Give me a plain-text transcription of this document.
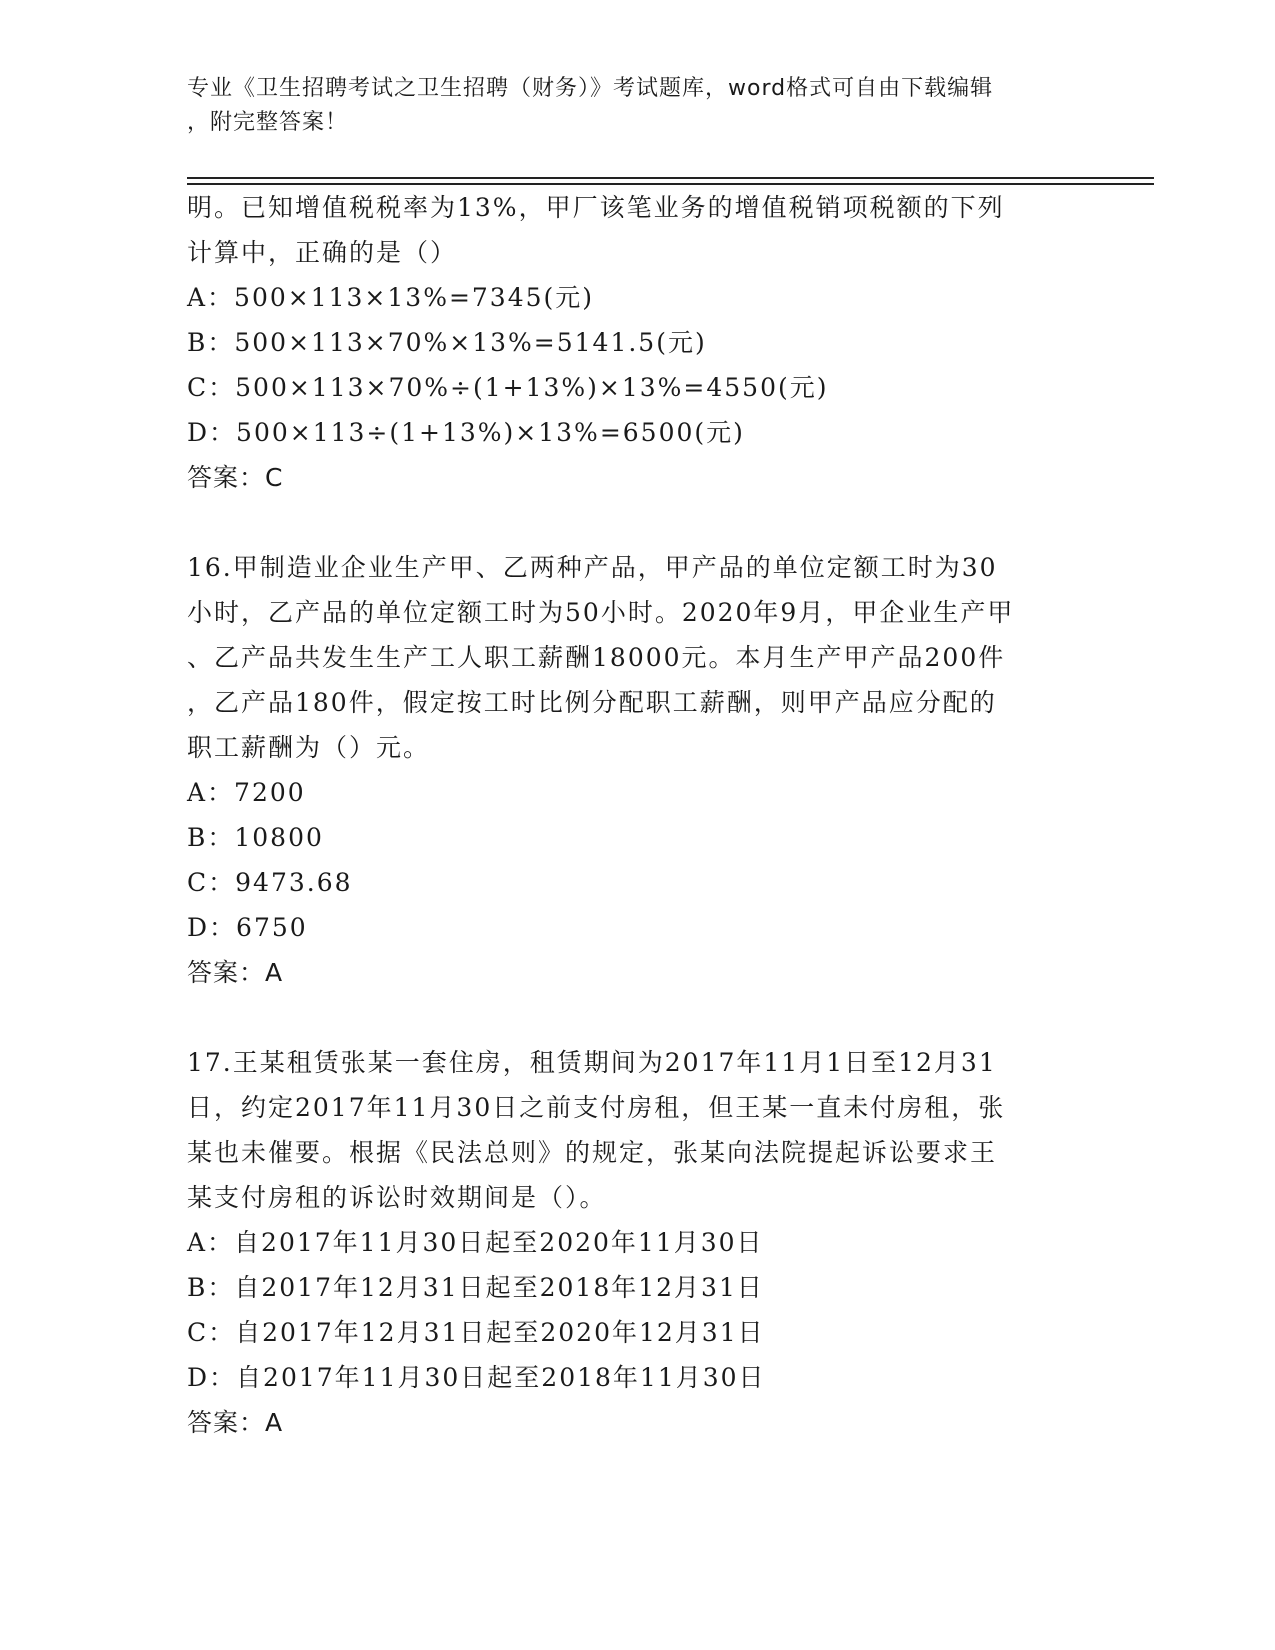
专业《卫生招聘考试之卫生招聘（财务）》考试题库，word格式可自由下载编辑
，附完整答案！
明。已知增值税税率为13%，甲厂该笔业务的增值税销项税额的下列
计算中，正确的是（）
A：500×113×13%=7345(元)
B：500×113×70%×13%=5141.5(元)
C：500×113×70%÷(1+13%)×13%=4550(元)
D：500×113÷(1+13%)×13%=6500(元)
答案：C
16.甲制造业企业生产甲、乙两种产品，甲产品的单位定额工时为30
小时，乙产品的单位定额工时为50小时。2020年9月，甲企业生产甲
、乙产品共发生生产工人职工薪酬18000元。本月生产甲产品200件
，乙产品180件，假定按工时比例分配职工薪酬，则甲产品应分配的
职工薪酬为（）元。
A：7200
B：10800
C：9473.68
D：6750
答案：A
17.王某租赁张某一套住房，租赁期间为2017年11月1日至12月31
日，约定2017年11月30日之前支付房租，但王某一直未付房租，张
某也未催要。根据《民法总则》的规定，张某向法院提起诉讼要求王
某支付房租的诉讼时效期间是（）。
A：自2017年11月30日起至2020年11月30日
B：自2017年12月31日起至2018年12月31日
C：自2017年12月31日起至2020年12月31日
D：自2017年11月30日起至2018年11月30日
答案：A
